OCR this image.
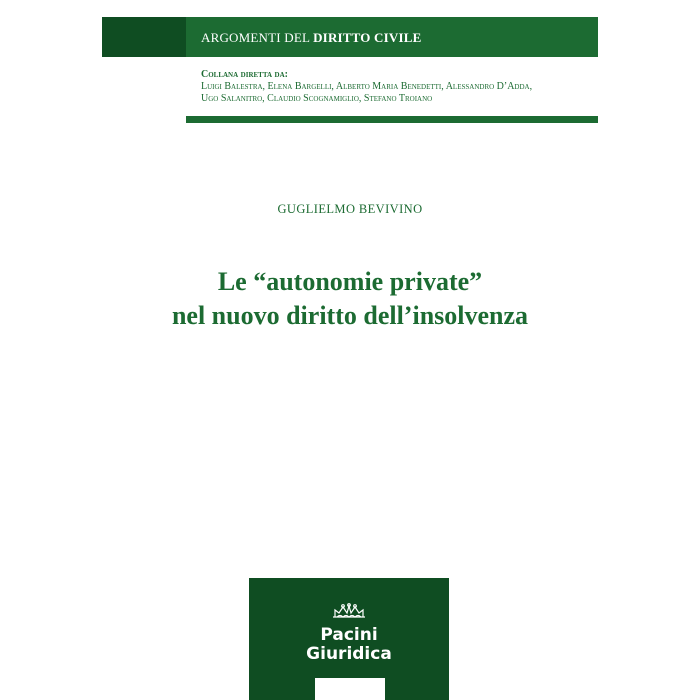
ARGOMENTI DEL DIRITTO CIVILE
Collana diretta da:
Luigi Balestra, Elena Bargelli, Alberto Maria Benedetti, Alessandro D’Adda,
Ugo Salanitro, Claudio Scognamiglio, Stefano Troiano
GUGLIELMO BEVIVINO
Le “autonomie private”
nel nuovo diritto dell’insolvenza
Pacini
Giuridica
